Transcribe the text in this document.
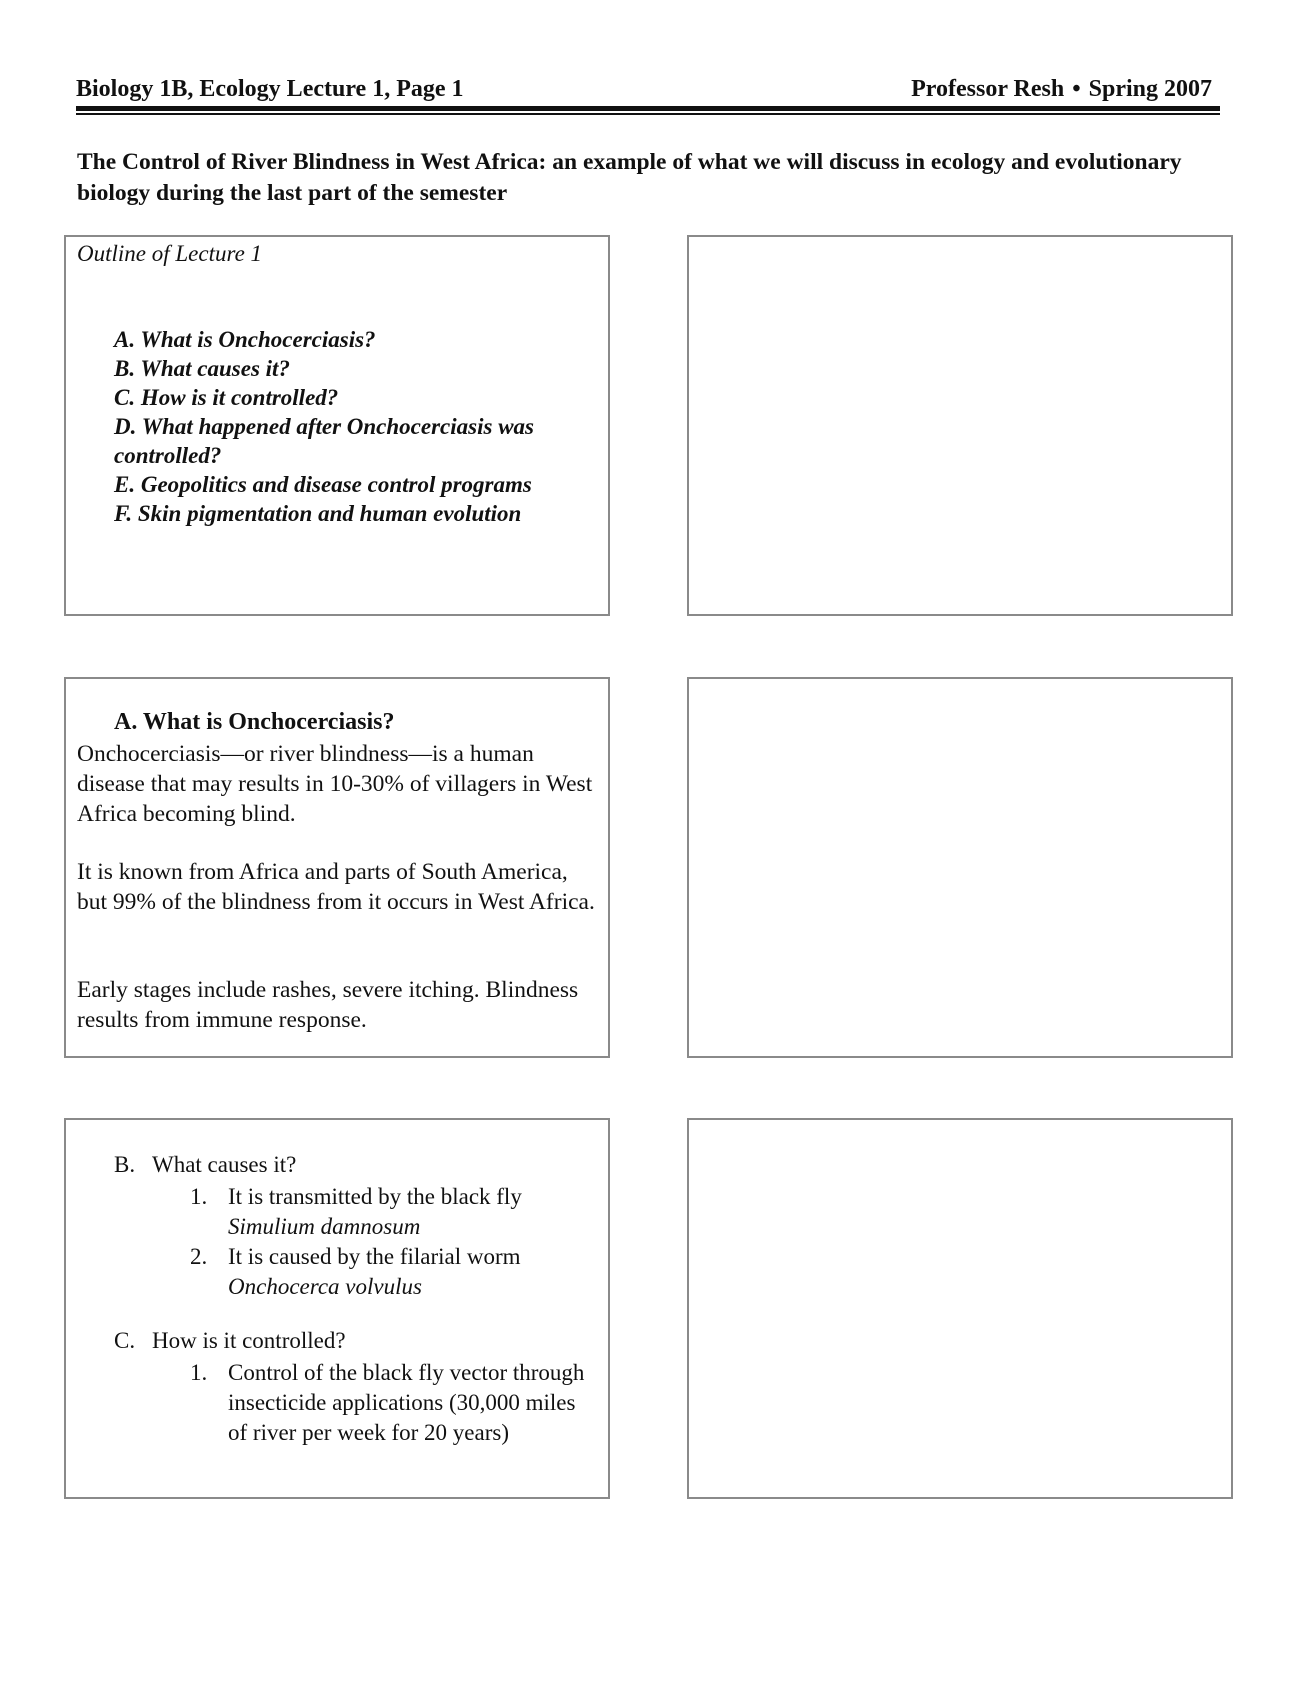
Biology 1B, Ecology Lecture 1, Page 1	Professor Resh • Spring 2007
The Control of River Blindness in West Africa: an example of what we will discuss in ecology and evolutionary biology during the last part of the semester
Outline of Lecture 1
A. What is Onchocerciasis?
B. What causes it?
C. How is it controlled?
D. What happened after Onchocerciasis was controlled?
E. Geopolitics and disease control programs
F. Skin pigmentation and human evolution
A. What is Onchocerciasis?

Onchocerciasis—or river blindness—is a human disease that may results in 10-30% of villagers in West Africa becoming blind.

It is known from Africa and parts of South America, but 99% of the blindness from it occurs in West Africa.

Early stages include rashes, severe itching. Blindness results from immune response.

B. What causes it?
1. It is transmitted by the black fly
Simulium damnosum
2. It is caused by the filarial worm
Onchocerca volvulus
C. How is it controlled?
1. Control of the black fly vector through insecticide applications (30,000 miles of river per week for 20 years)
